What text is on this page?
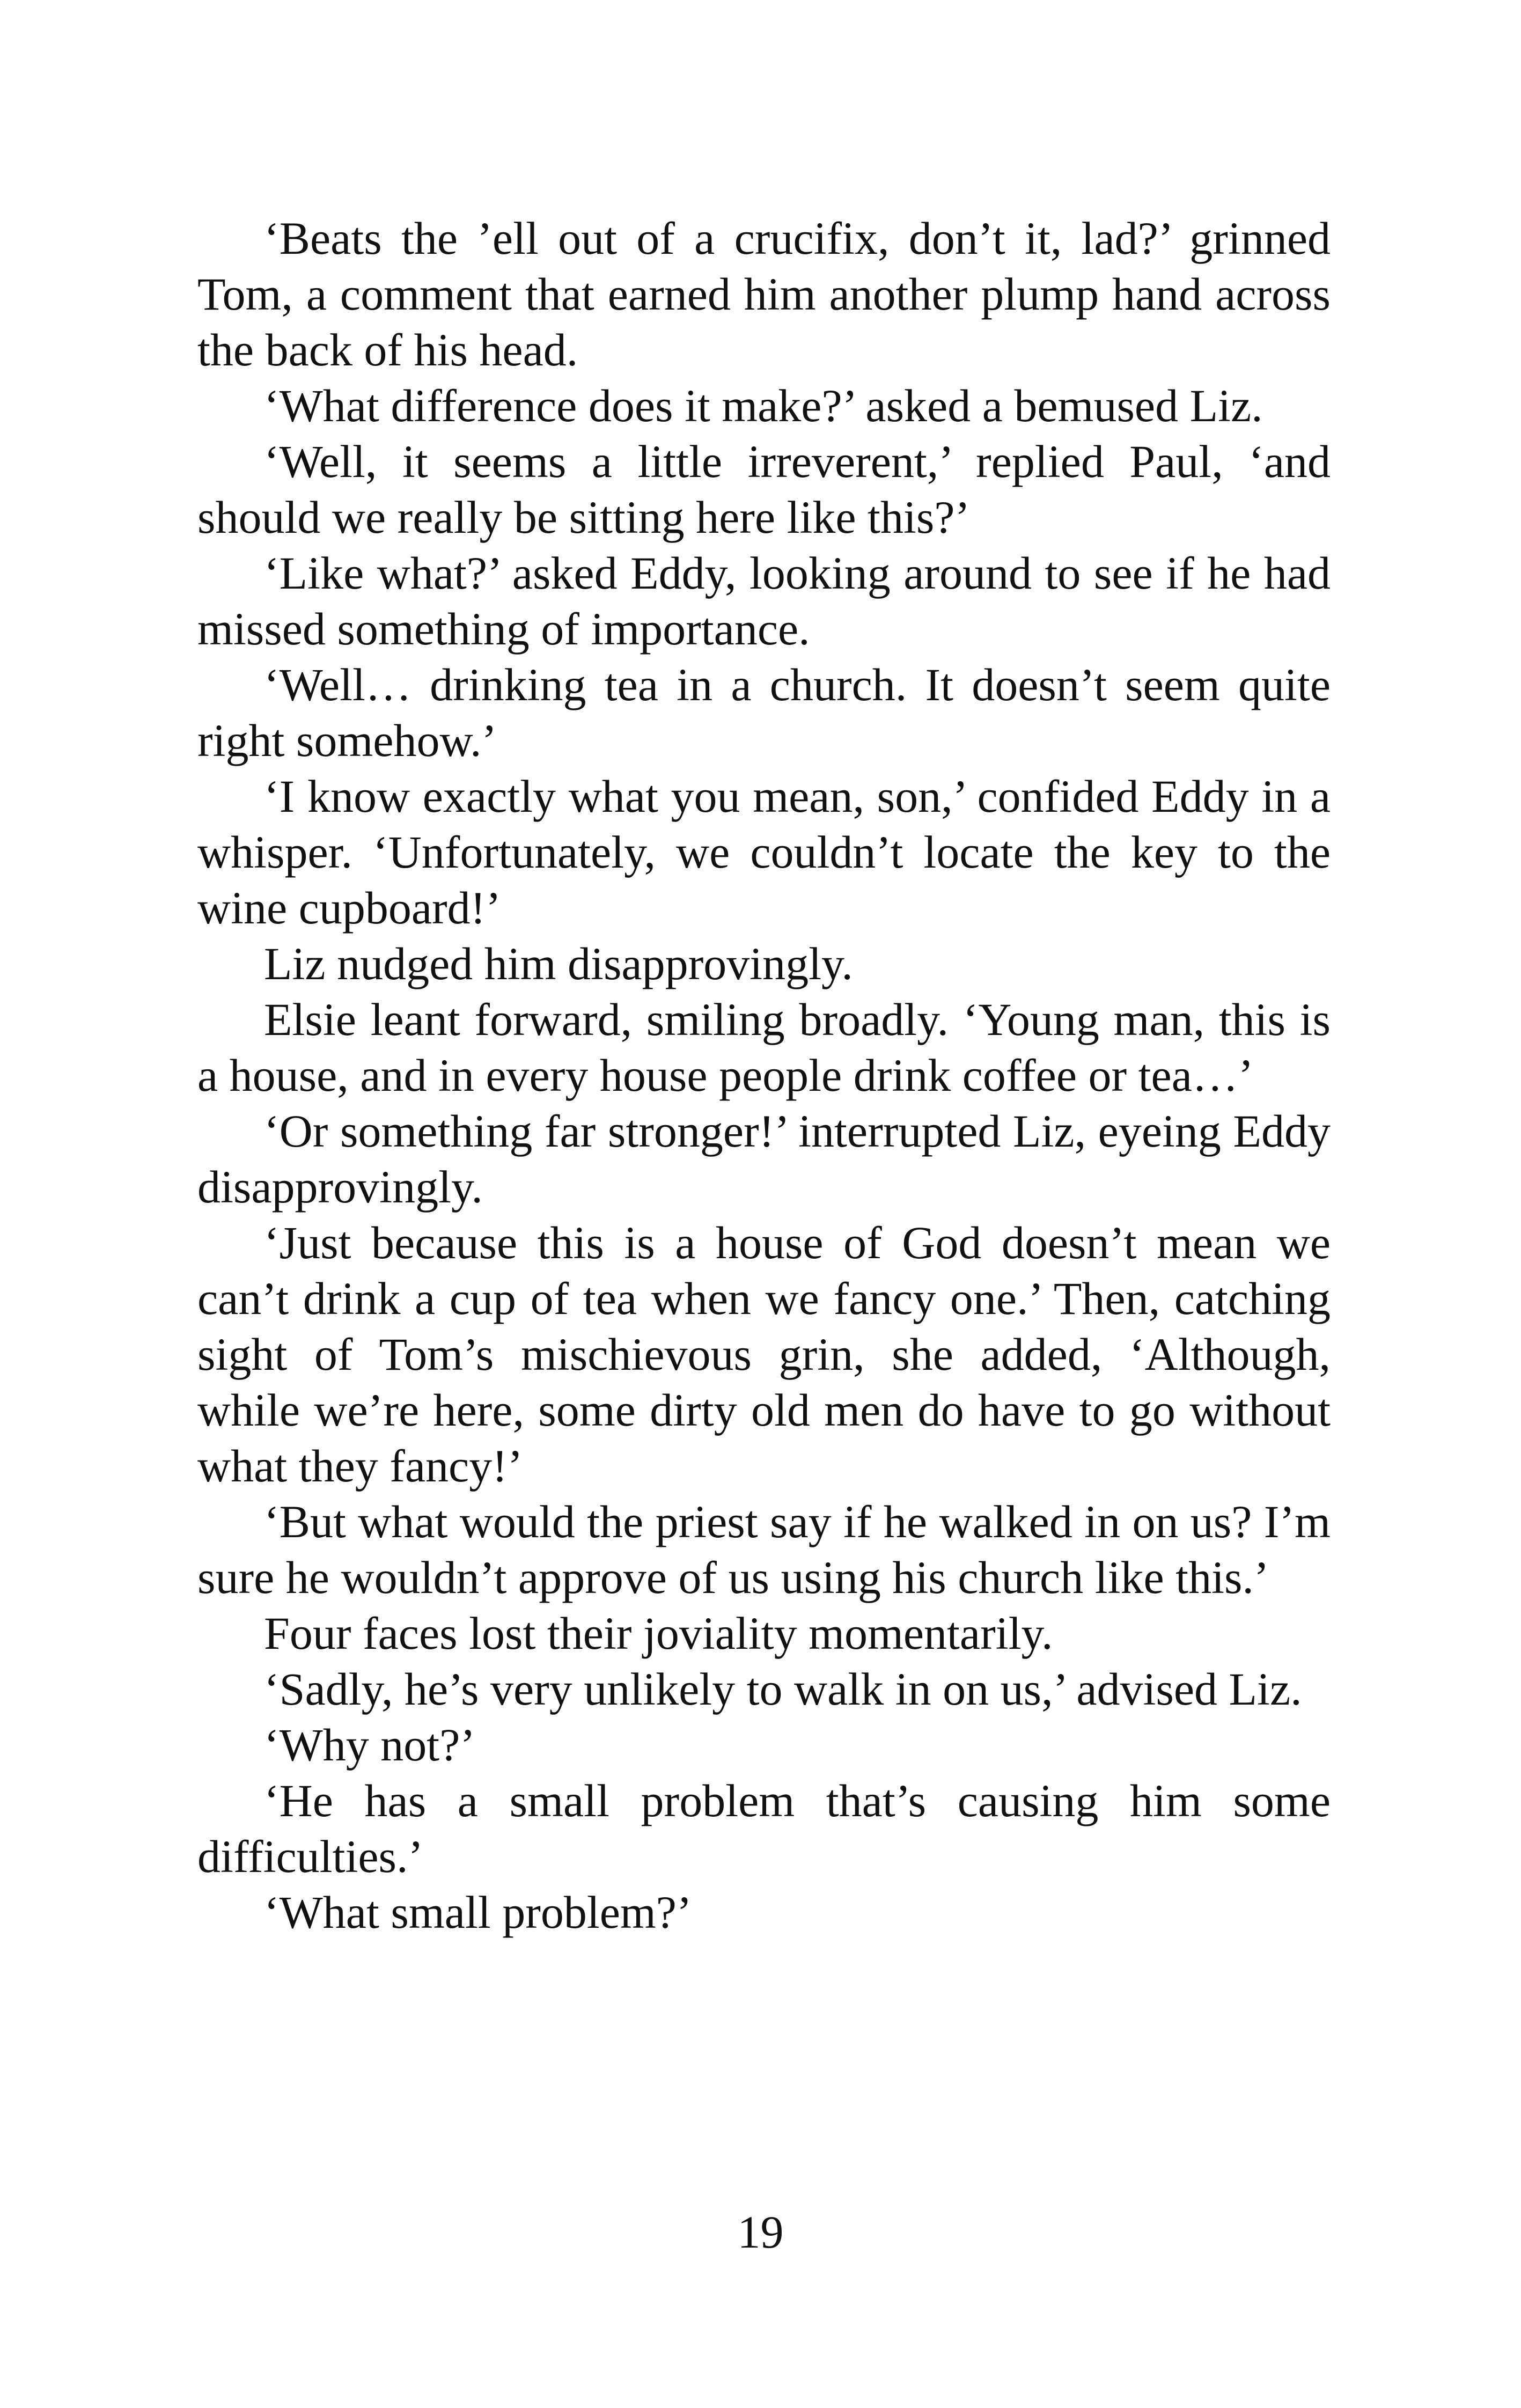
‘Beats the ’ell out of a crucifix, don’t it, lad?’ grinned Tom, a comment that earned him another plump hand across the back of his head.

‘What difference does it make?’ asked a bemused Liz.

‘Well, it seems a little irreverent,’ replied Paul, ‘and should we really be sitting here like this?’

‘Like what?’ asked Eddy, looking around to see if he had missed something of importance.

‘Well… drinking tea in a church. It doesn’t seem quite right somehow.’

‘I know exactly what you mean, son,’ confided Eddy in a whisper. ‘Unfortunately, we couldn’t locate the key to the wine cupboard!’

Liz nudged him disapprovingly.

Elsie leant forward, smiling broadly. ‘Young man, this is a house, and in every house people drink coffee or tea…’

‘Or something far stronger!’ interrupted Liz, eyeing Eddy disapprovingly.

‘Just because this is a house of God doesn’t mean we can’t drink a cup of tea when we fancy one.’ Then, catching sight of Tom’s mischievous grin, she added, ‘Although, while we’re here, some dirty old men do have to go without what they fancy!’

‘But what would the priest say if he walked in on us? I’m sure he wouldn’t approve of us using his church like this.’

Four faces lost their joviality momentarily.

‘Sadly, he’s very unlikely to walk in on us,’ advised Liz.

‘Why not?’

‘He has a small problem that’s causing him some difficulties.’

‘What small problem?’

19
